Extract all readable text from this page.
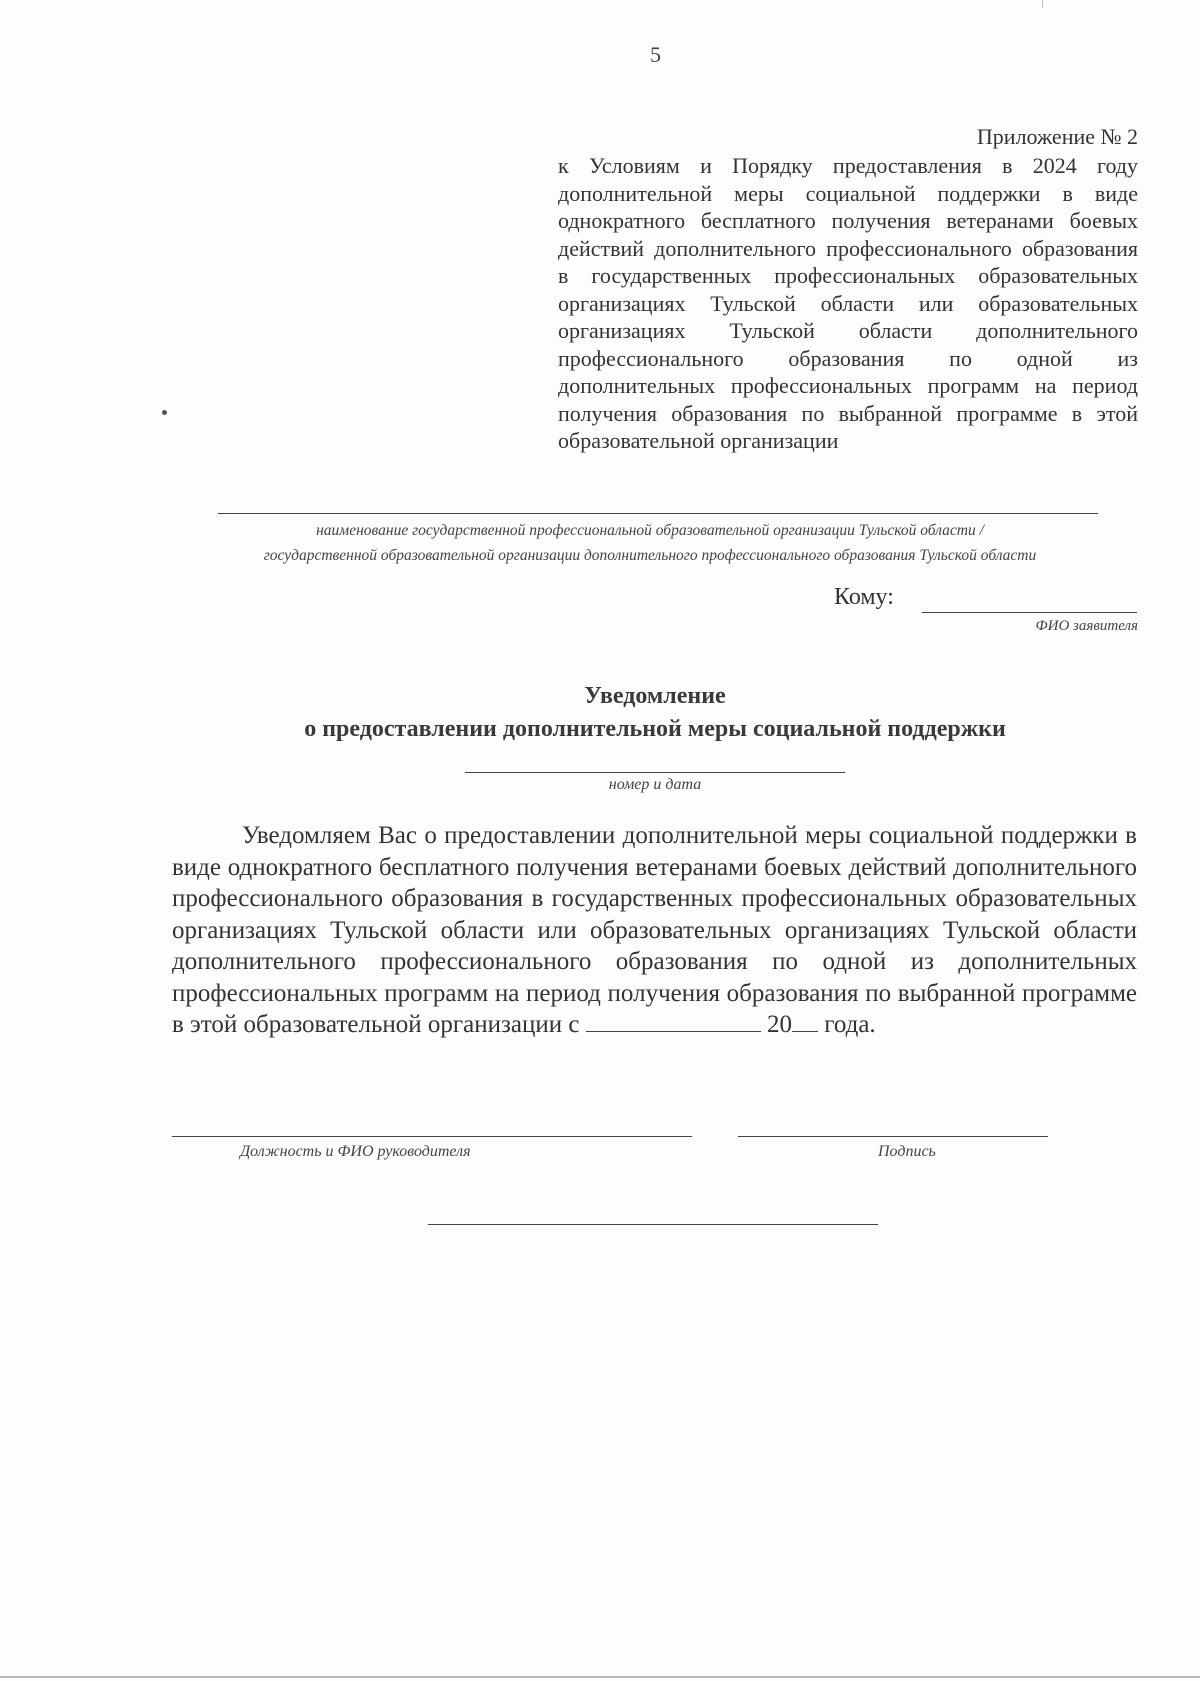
5
Приложение № 2
к Условиям и Порядку предоставления в 2024 году дополнительной меры социальной поддержки в виде однократного бесплатного получения ветеранами боевых действий дополнительного профессионального образования в государственных профессиональных образовательных организациях Тульской области или образовательных организациях Тульской области дополнительного профессионального образования по одной из дополнительных профессиональных программ на период получения образования по выбранной программе в этой образовательной организации
наименование государственной профессиональной образовательной организации Тульской области /
государственной образовательной организации дополнительного профессионального образования Тульской области
Кому:
ФИО заявителя
Уведомление
о предоставлении дополнительной меры социальной поддержки
номер и дата
Уведомляем Вас о предоставлении дополнительной меры социальной поддержки в виде однократного бесплатного получения ветеранами боевых действий дополнительного профессионального образования в государственных профессиональных образовательных организациях Тульской области или образовательных организациях Тульской области дополнительного профессионального образования по одной из дополнительных профессиональных программ на период получения образования по выбранной программе в этой образовательной организации с	20 года.
Должность и ФИО руководителя	Подпись
